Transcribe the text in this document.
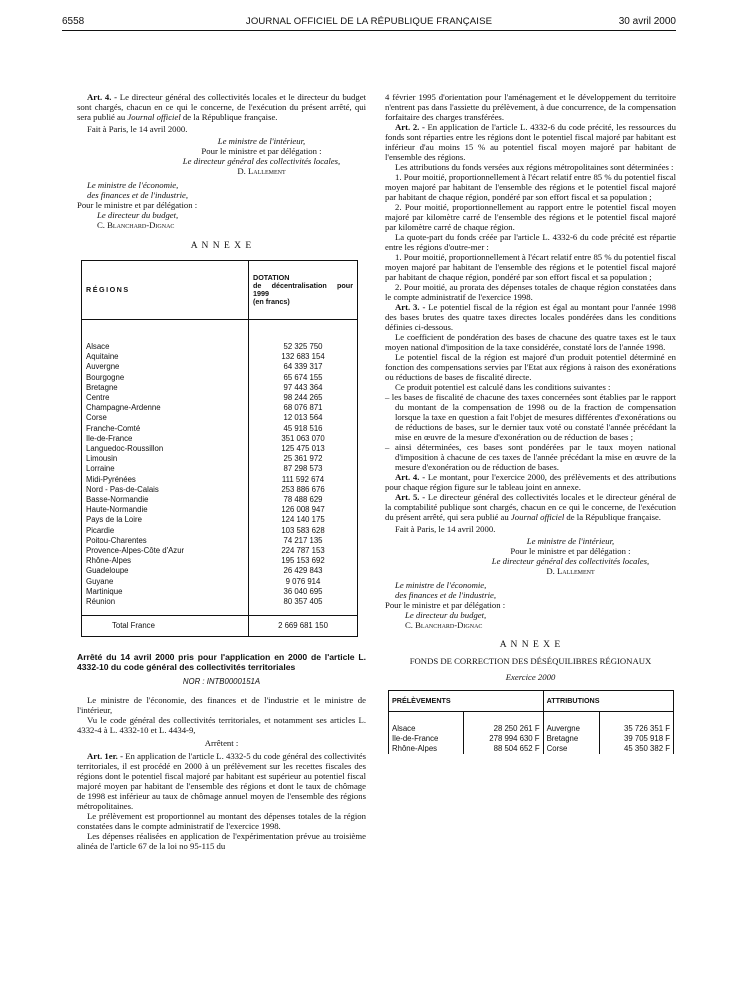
6558	JOURNAL OFFICIEL DE LA RÉPUBLIQUE FRANÇAISE	30 avril 2000

Art. 4. - Le directeur général des collectivités locales et le directeur du budget sont chargés, chacun en ce qui le concerne, de l'exécution du présent arrêté, qui sera publié au Journal officiel de la République française.

Fait à Paris, le 14 avril 2000.

Le ministre de l'intérieur,

Pour le ministre et par délégation :

Le directeur général des collectivités locales,

D. Lallement

Le ministre de l'économie,

des finances et de l'industrie,

Pour le ministre et par délégation :

Le directeur du budget,

C. Blanchard-Dignac

A N N E X E

RÉGIONS	DOTATION
de décentralisation pour 1999
(en francs)

Alsace	52 325 750
Aquitaine	132 683 154
Auvergne	64 339 317
Bourgogne	65 674 155
Bretagne	97 443 364
Centre	98 244 265
Champagne-Ardenne	68 076 871
Corse	12 013 564
Franche-Comté	45 918 516
Ile-de-France	351 063 070
Languedoc-Roussillon	125 475 013
Limousin	25 361 972
Lorraine	87 298 573
Midi-Pyrénées	111 592 674
Nord - Pas-de-Calais	253 886 676
Basse-Normandie	78 488 629
Haute-Normandie	126 008 947
Pays de la Loire	124 140 175
Picardie	103 583 628
Poitou-Charentes	74 217 135
Provence-Alpes-Côte d'Azur	224 787 153
Rhône-Alpes	195 153 692
Guadeloupe	26 429 843
Guyane	9 076 914
Martinique	36 040 695
Réunion	80 357 405

Total France	2 669 681 150

Arrêté du 14 avril 2000 pris pour l'application en 2000 de l'article L. 4332-10 du code général des collectivités territoriales

NOR : INTB0000151A

Le ministre de l'économie, des finances et de l'industrie et le ministre de l'intérieur,

Vu le code général des collectivités territoriales, et notamment ses articles L. 4332-4 à L. 4332-10 et L. 4434-9,

Arrêtent :

Art. 1er. - En application de l'article L. 4332-5 du code général des collectivités territoriales, il est procédé en 2000 à un prélèvement sur les recettes fiscales des régions dont le potentiel fiscal majoré par habitant est supérieur au potentiel fiscal majoré moyen par habitant de l'ensemble des régions et dont le taux de chômage de 1998 est inférieur au taux de chômage annuel moyen de l'ensemble des régions métropolitaines.

Le prélèvement est proportionnel au montant des dépenses totales de la région constatées dans le compte administratif de l'exercice 1998.

Les dépenses réalisées en application de l'expérimentation prévue au troisième alinéa de l'article 67 de la loi no 95-115 du

4 février 1995 d'orientation pour l'aménagement et le développement du territoire n'entrent pas dans l'assiette du prélèvement, à due concurrence, de la compensation forfaitaire des charges transférées.

Art. 2. - En application de l'article L. 4332-6 du code précité, les ressources du fonds sont réparties entre les régions dont le potentiel fiscal majoré par habitant est inférieur d'au moins 15 % au potentiel fiscal moyen majoré par habitant de l'ensemble des régions.

Les attributions du fonds versées aux régions métropolitaines sont déterminées :

1. Pour moitié, proportionnellement à l'écart relatif entre 85 % du potentiel fiscal moyen majoré par habitant de l'ensemble des régions et le potentiel fiscal majoré par habitant de chaque région, pondéré par son effort fiscal et sa population ;

2. Pour moitié, proportionnellement au rapport entre le potentiel fiscal moyen majoré par kilomètre carré de l'ensemble des régions et le potentiel fiscal majoré par kilomètre carré de chaque région.

La quote-part du fonds créée par l'article L. 4332-6 du code précité est répartie entre les régions d'outre-mer :

1. Pour moitié, proportionnellement à l'écart relatif entre 85 % du potentiel fiscal moyen majoré par habitant de l'ensemble des régions et le potentiel fiscal majoré par habitant de chaque région, pondéré par son effort fiscal et sa population ;

2. Pour moitié, au prorata des dépenses totales de chaque région constatées dans le compte administratif de l'exercice 1998.

Art. 3. - Le potentiel fiscal de la région est égal au montant pour l'année 1998 des bases brutes des quatre taxes directes locales pondérées dans les conditions définies ci-dessous.

Le coefficient de pondération des bases de chacune des quatre taxes est le taux moyen national d'imposition de la taxe considérée, constaté lors de l'année 1998.

Le potentiel fiscal de la région est majoré d'un produit potentiel déterminé en fonction des compensations servies par l'Etat aux régions à raison des exonérations ou réductions de bases de fiscalité directe.

Ce produit potentiel est calculé dans les conditions suivantes :

– les bases de fiscalité de chacune des taxes concernées sont établies par le rapport du montant de la compensation de 1998 ou de la fraction de compensation lorsque la taxe en question a fait l'objet de mesures différentes d'exonérations ou de réductions de bases, sur le dernier taux voté ou constaté l'année précédant la mise en œuvre de la mesure d'exonération ou de réduction de bases ;

– ainsi déterminées, ces bases sont pondérées par le taux moyen national d'imposition à chacune de ces taxes de l'année précédant la mise en œuvre de la mesure d'exonération ou de réduction de bases.

Art. 4. - Le montant, pour l'exercice 2000, des prélèvements et des attributions pour chaque région figure sur le tableau joint en annexe.

Art. 5. - Le directeur général des collectivités locales et le directeur général de la comptabilité publique sont chargés, chacun en ce qui le concerne, de l'exécution du présent arrêté, qui sera publié au Journal officiel de la République française.

Fait à Paris, le 14 avril 2000.

Le ministre de l'intérieur,

Pour le ministre et par délégation :

Le directeur général des collectivités locales,

D. Lallement

Le ministre de l'économie,

des finances et de l'industrie,

Pour le ministre et par délégation :

Le directeur du budget,

C. Blanchard-Dignac

A N N E X E

FONDS DE CORRECTION DES DÉSÉQUILIBRES RÉGIONAUX

Exercice 2000

PRÉLÈVEMENTS		ATTRIBUTIONS	
Alsace	28 250 261 F	Auvergne	35 726 351 F
Ile-de-France	278 994 630 F	Bretagne	39 705 918 F
Rhône-Alpes	88 504 652 F	Corse	45 350 382 F
